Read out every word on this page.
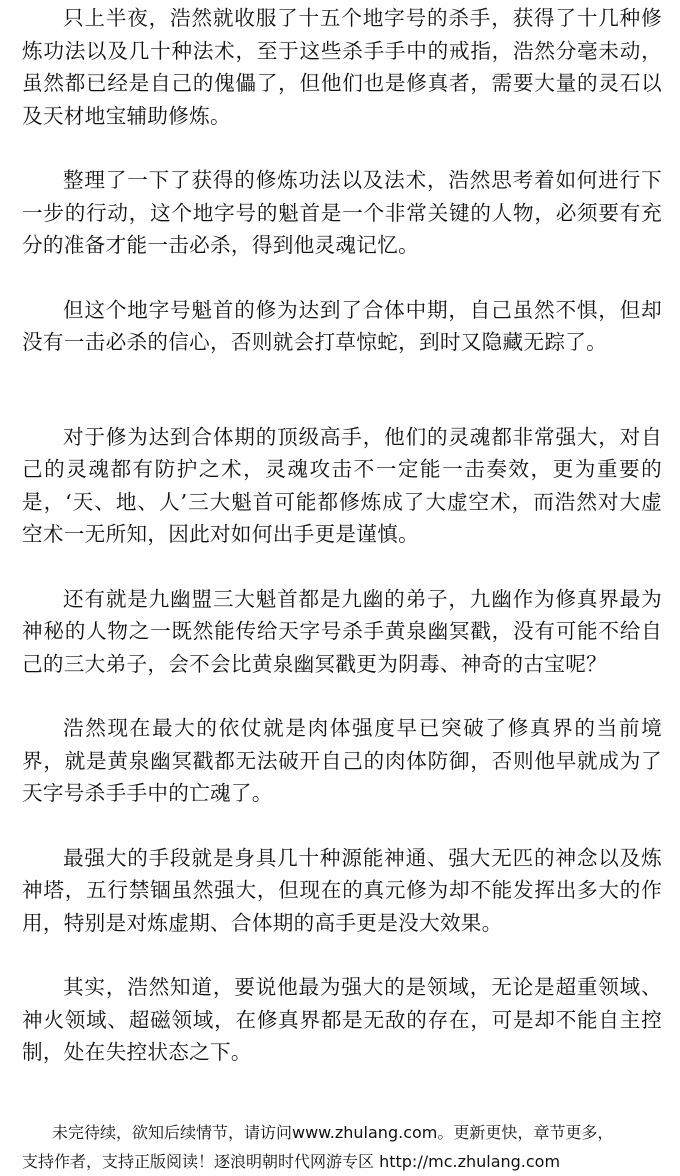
只上半夜，浩然就收服了十五个地字号的杀手，获得了十几种修炼功法以及几十种法术，至于这些杀手手中的戒指，浩然分毫未动，虽然都已经是自己的傀儡了，但他们也是修真者，需要大量的灵石以及天材地宝辅助修炼。

整理了一下了获得的修炼功法以及法术，浩然思考着如何进行下一步的行动，这个地字号的魁首是一个非常关键的人物，必须要有充分的准备才能一击必杀，得到他灵魂记忆。

但这个地字号魁首的修为达到了合体中期，自己虽然不惧，但却没有一击必杀的信心，否则就会打草惊蛇，到时又隐藏无踪了。

对于修为达到合体期的顶级高手，他们的灵魂都非常强大，对自己的灵魂都有防护之术，灵魂攻击不一定能一击奏效，更为重要的是，‘天、地、人’三大魁首可能都修炼成了大虚空术，而浩然对大虚空术一无所知，因此对如何出手更是谨慎。

还有就是九幽盟三大魁首都是九幽的弟子，九幽作为修真界最为神秘的人物之一既然能传给天字号杀手黄泉幽冥戳，没有可能不给自己的三大弟子，会不会比黄泉幽冥戳更为阴毒、神奇的古宝呢？

浩然现在最大的依仗就是肉体强度早已突破了修真界的当前境界，就是黄泉幽冥戳都无法破开自己的肉体防御，否则他早就成为了天字号杀手手中的亡魂了。

最强大的手段就是身具几十种源能神通、强大无匹的神念以及炼神塔，五行禁锢虽然强大，但现在的真元修为却不能发挥出多大的作用，特别是对炼虚期、合体期的高手更是没大效果。

其实，浩然知道，要说他最为强大的是领域，无论是超重领域、神火领域、超磁领域，在修真界都是无敌的存在，可是却不能自主控制，处在失控状态之下。

未完待续，欲知后续情节，请访问www.zhulang.com。更新更快，章节更多，
支持作者，支持正版阅读！逐浪明朝时代网游专区 http://mc.zhulang.com
